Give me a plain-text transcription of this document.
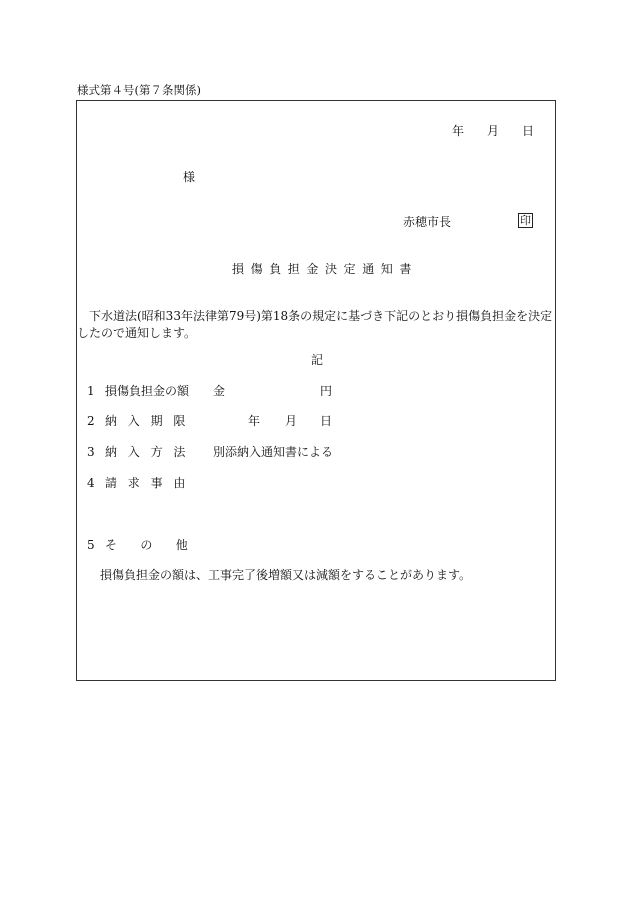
様式第４号(第７条関係)
年 月 日
様
赤穂市長	印
損傷負担金決定通知書
下水道法(昭和33年法律第79号)第18条の規定に基づき下記のとおり損傷負担金を決定したので通知します。
記
1 損傷負担金の額 金	円
2 納入期限	年 月 日
3 納入方法 別添納入通知書による
4 請求事由
5 その他
損傷負担金の額は、工事完了後増額又は減額をすることがあります。
